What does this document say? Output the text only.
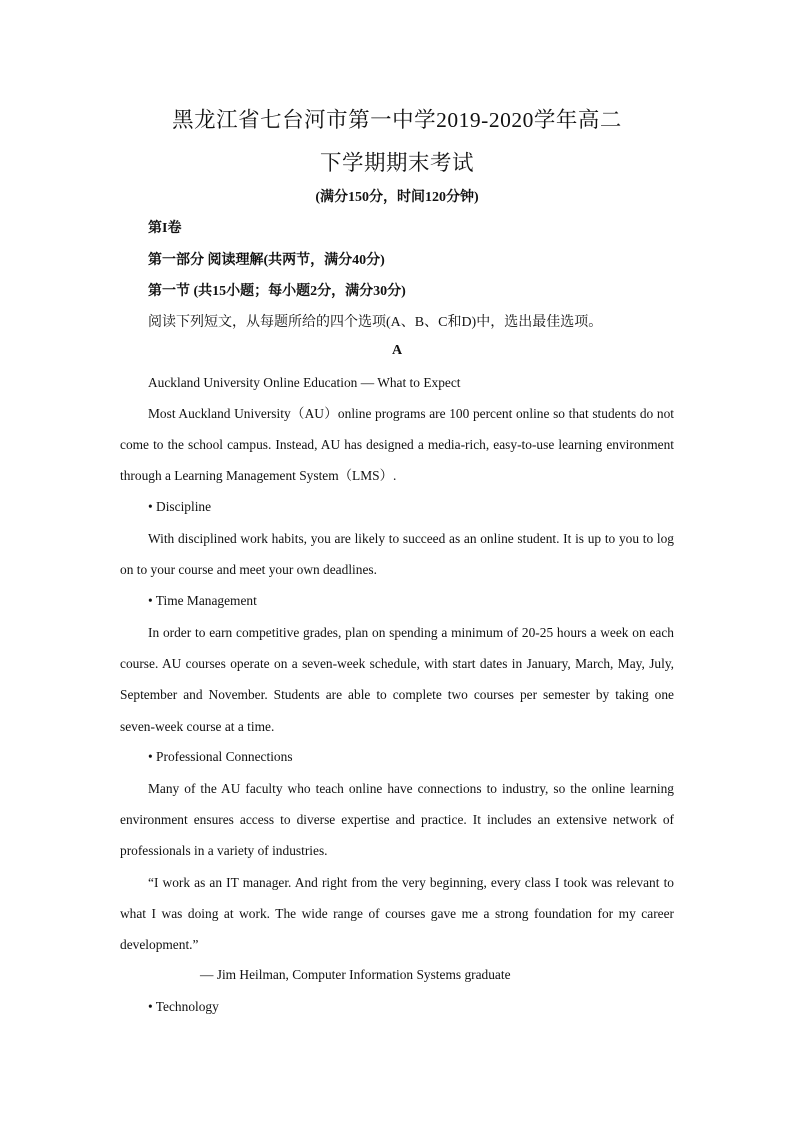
黑龙江省七台河市第一中学2019-2020学年高二
下学期期末考试
(满分150分，时间120分钟)
第I卷
第一部分 阅读理解(共两节，满分40分)
第一节 (共15小题；每小题2分，满分30分)
阅读下列短文，从每题所给的四个选项(A、B、C和D)中，选出最佳选项。
A
Auckland University Online Education — What to Expect

Most Auckland University（AU）online programs are 100 percent online so that students do not come to the school campus. Instead, AU has designed a media-rich, easy-to-use learning environment through a Learning Management System（LMS）.

• Discipline

With disciplined work habits, you are likely to succeed as an online student. It is up to you to log on to your course and meet your own deadlines.

• Time Management

In order to earn competitive grades, plan on spending a minimum of 20-25 hours a week on each course. AU courses operate on a seven-week schedule, with start dates in January, March, May, July, September and November. Students are able to complete two courses per semester by taking one seven-week course at a time.

• Professional Connections

Many of the AU faculty who teach online have connections to industry, so the online learning environment ensures access to diverse expertise and practice. It includes an extensive network of professionals in a variety of industries.

“I work as an IT manager. And right from the very beginning, every class I took was relevant to what I was doing at work. The wide range of courses gave me a strong foundation for my career development.”

— Jim Heilman, Computer Information Systems graduate
• Technology
